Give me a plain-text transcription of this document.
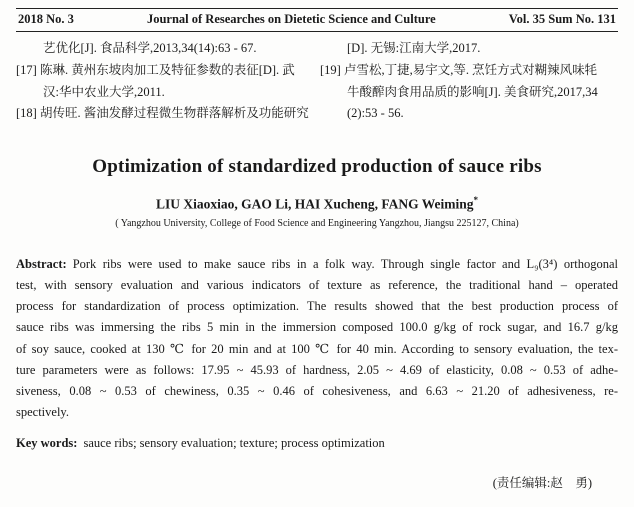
2018 No. 3	Journal of Researches on Dietetic Science and Culture	Vol. 35 Sum No. 131
艺优化[J]. 食品科学,2013,34(14):63 - 67.
[17] 陈琳. 黄州东坡肉加工及特征参数的表征[D]. 武
汉:华中农业大学,2011.
[18] 胡传旺. 酱油发酵过程微生物群落解析及功能研究
[D]. 无锡:江南大学,2017.
[19] 卢雪松,丁捷,易宇文,等. 烹饪方式对糊辣风味牦
牛酸醡肉食用品质的影响[J]. 美食研究,2017,34
(2):53 - 56.
Optimization of standardized production of sauce ribs
LIU Xiaoxiao, GAO Li, HAI Xucheng, FANG Weiming*
( Yangzhou University, College of Food Science and Engineering Yangzhou, Jiangsu 225127, China)
Abstract: Pork ribs were used to make sauce ribs in a folk way. Through single factor and L₉(3⁴) orthogonal
test, with sensory evaluation and various indicators of texture as reference, the traditional hand – operated
process for standardization of process optimization. The results showed that the best production process of
sauce ribs was immersing the ribs 5 min in the immersion composed 100.0 g/kg of rock sugar, and 16.7 g/kg
of soy sauce, cooked at 130 ℃ for 20 min and at 100 ℃ for 40 min. According to sensory evaluation, the tex-
ture parameters were as follows: 17.95 ~ 45.93 of hardness, 2.05 ~ 4.69 of elasticity, 0.08 ~ 0.53 of adhe-
siveness, 0.08 ~ 0.53 of chewiness, 0.35 ~ 0.46 of cohesiveness, and 6.63 ~ 21.20 of adhesiveness, re-
spectively.
Key words: sauce ribs; sensory evaluation; texture; process optimization
(责任编辑:赵　勇)
